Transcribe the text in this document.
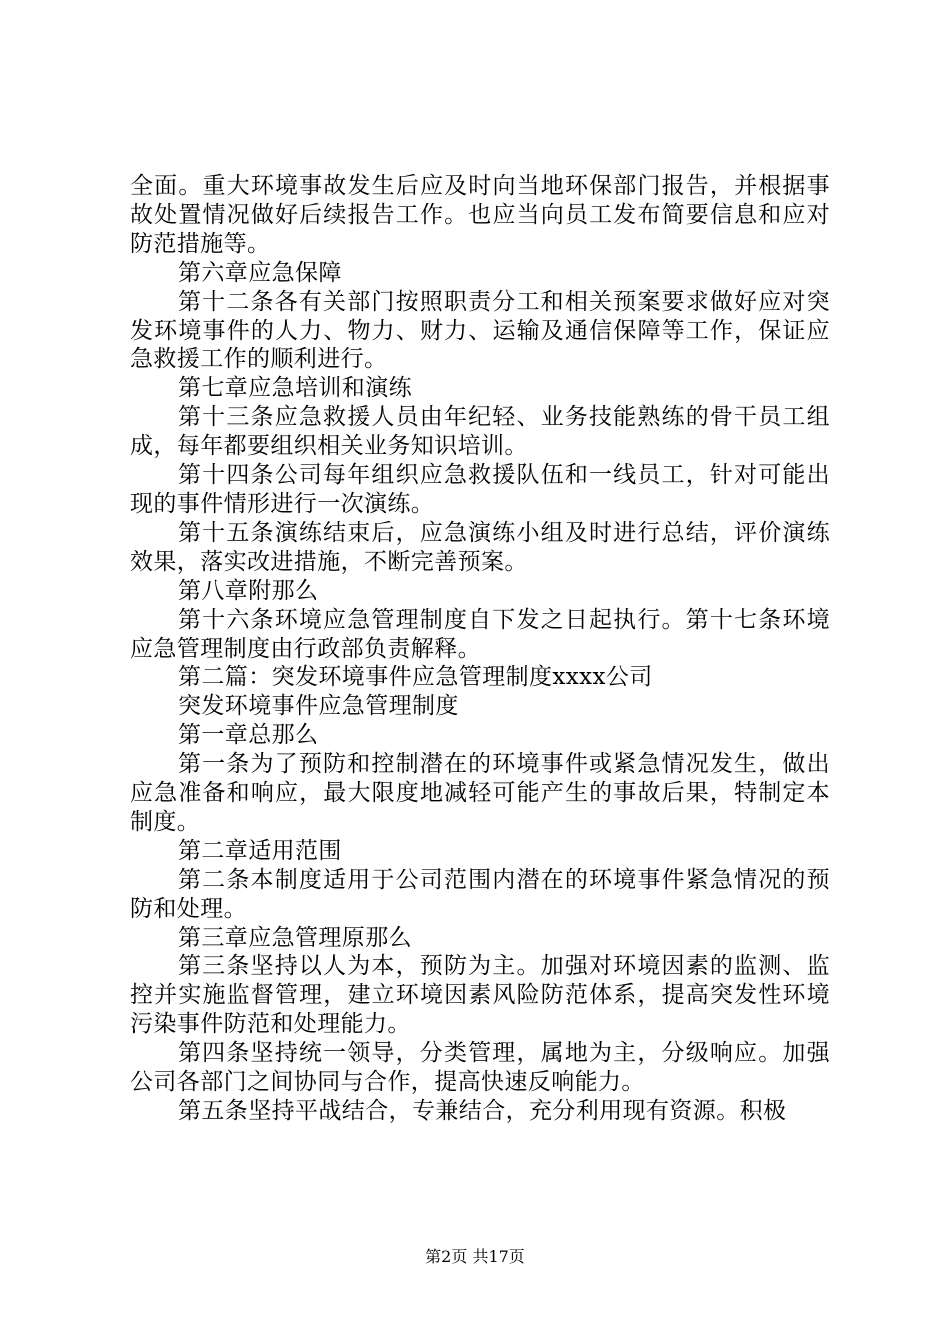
全面。重大环境事故发生后应及时向当地环保部门报告，并根据事故处置情况做好后续报告工作。也应当向员工发布简要信息和应对防范措施等。

第六章应急保障

第十二条各有关部门按照职责分工和相关预案要求做好应对突发环境事件的人力、物力、财力、运输及通信保障等工作，保证应急救援工作的顺利进行。

第七章应急培训和演练

第十三条应急救援人员由年纪轻、业务技能熟练的骨干员工组成，每年都要组织相关业务知识培训。

第十四条公司每年组织应急救援队伍和一线员工，针对可能出现的事件情形进行一次演练。

第十五条演练结束后，应急演练小组及时进行总结，评价演练效果，落实改进措施，不断完善预案。

第八章附那么

第十六条环境应急管理制度自下发之日起执行。第十七条环境应急管理制度由行政部负责解释。

第二篇：突发环境事件应急管理制度xxxx公司

突发环境事件应急管理制度

第一章总那么

第一条为了预防和控制潜在的环境事件或紧急情况发生，做出应急准备和响应，最大限度地减轻可能产生的事故后果，特制定本制度。

第二章适用范围

第二条本制度适用于公司范围内潜在的环境事件紧急情况的预防和处理。

第三章应急管理原那么

第三条坚持以人为本，预防为主。加强对环境因素的监测、监控并实施监督管理，建立环境因素风险防范体系，提高突发性环境污染事件防范和处理能力。

第四条坚持统一领导，分类管理，属地为主，分级响应。加强公司各部门之间协同与合作，提高快速反响能力。

第五条坚持平战结合，专兼结合，充分利用现有资源。积极

第2页 共17页
